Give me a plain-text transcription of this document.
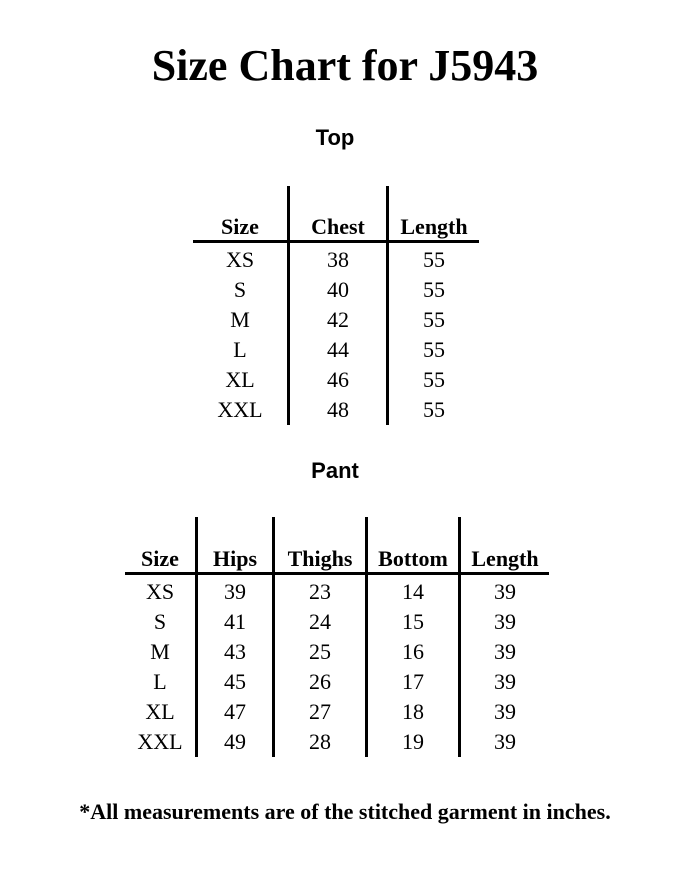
Size Chart for J5943
Top
Size	Chest	Length
XS	38	55
S	40	55
M	42	55
L	44	55
XL	46	55
XXL	48	55
Pant
Size	Hips	Thighs	Bottom	Length
XS	39	23	14	39
S	41	24	15	39
M	43	25	16	39
L	45	26	17	39
XL	47	27	18	39
XXL	49	28	19	39
*All measurements are of the stitched garment in inches.
